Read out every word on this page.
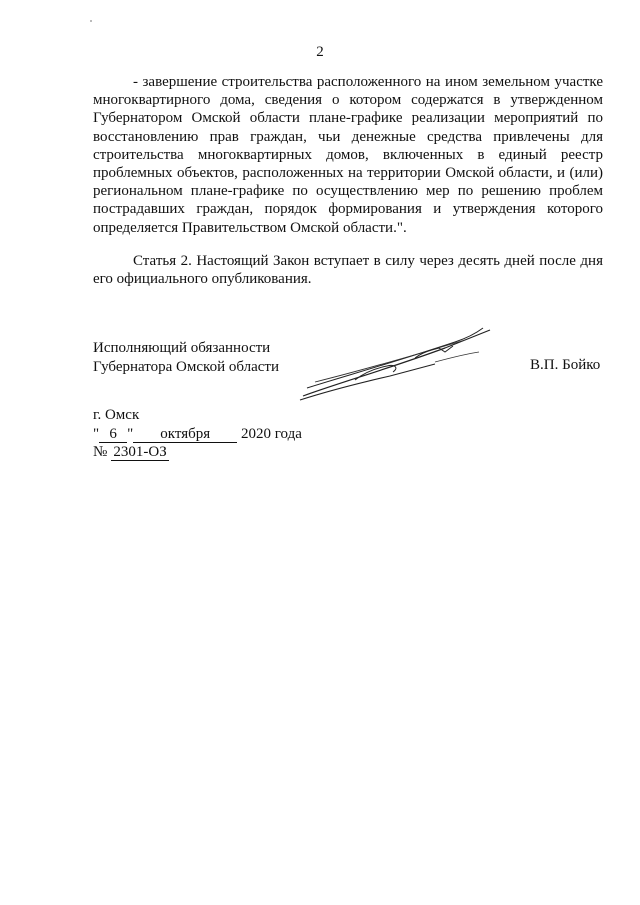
2
- завершение строительства расположенного на ином земельном участке многоквартирного дома, сведения о котором содержатся в утвержденном Губернатором Омской области плане-графике реализации мероприятий по восстановлению прав граждан, чьи денежные средства привлечены для строительства многоквартирных домов, включенных в единый реестр проблемных объектов, расположенных на территории Омской области, и (или) региональном плане-графике по осуществлению мер по решению проблем пострадавших граждан, порядок формирования и утверждения которого определяется Правительством Омской области.".
Статья 2. Настоящий Закон вступает в силу через десять дней после дня его официального опубликования.
Исполняющий обязанности
Губернатора Омской области	В.П. Бойко
г. Омск
" 6 " октября 2020 года
№ 2301-ОЗ
